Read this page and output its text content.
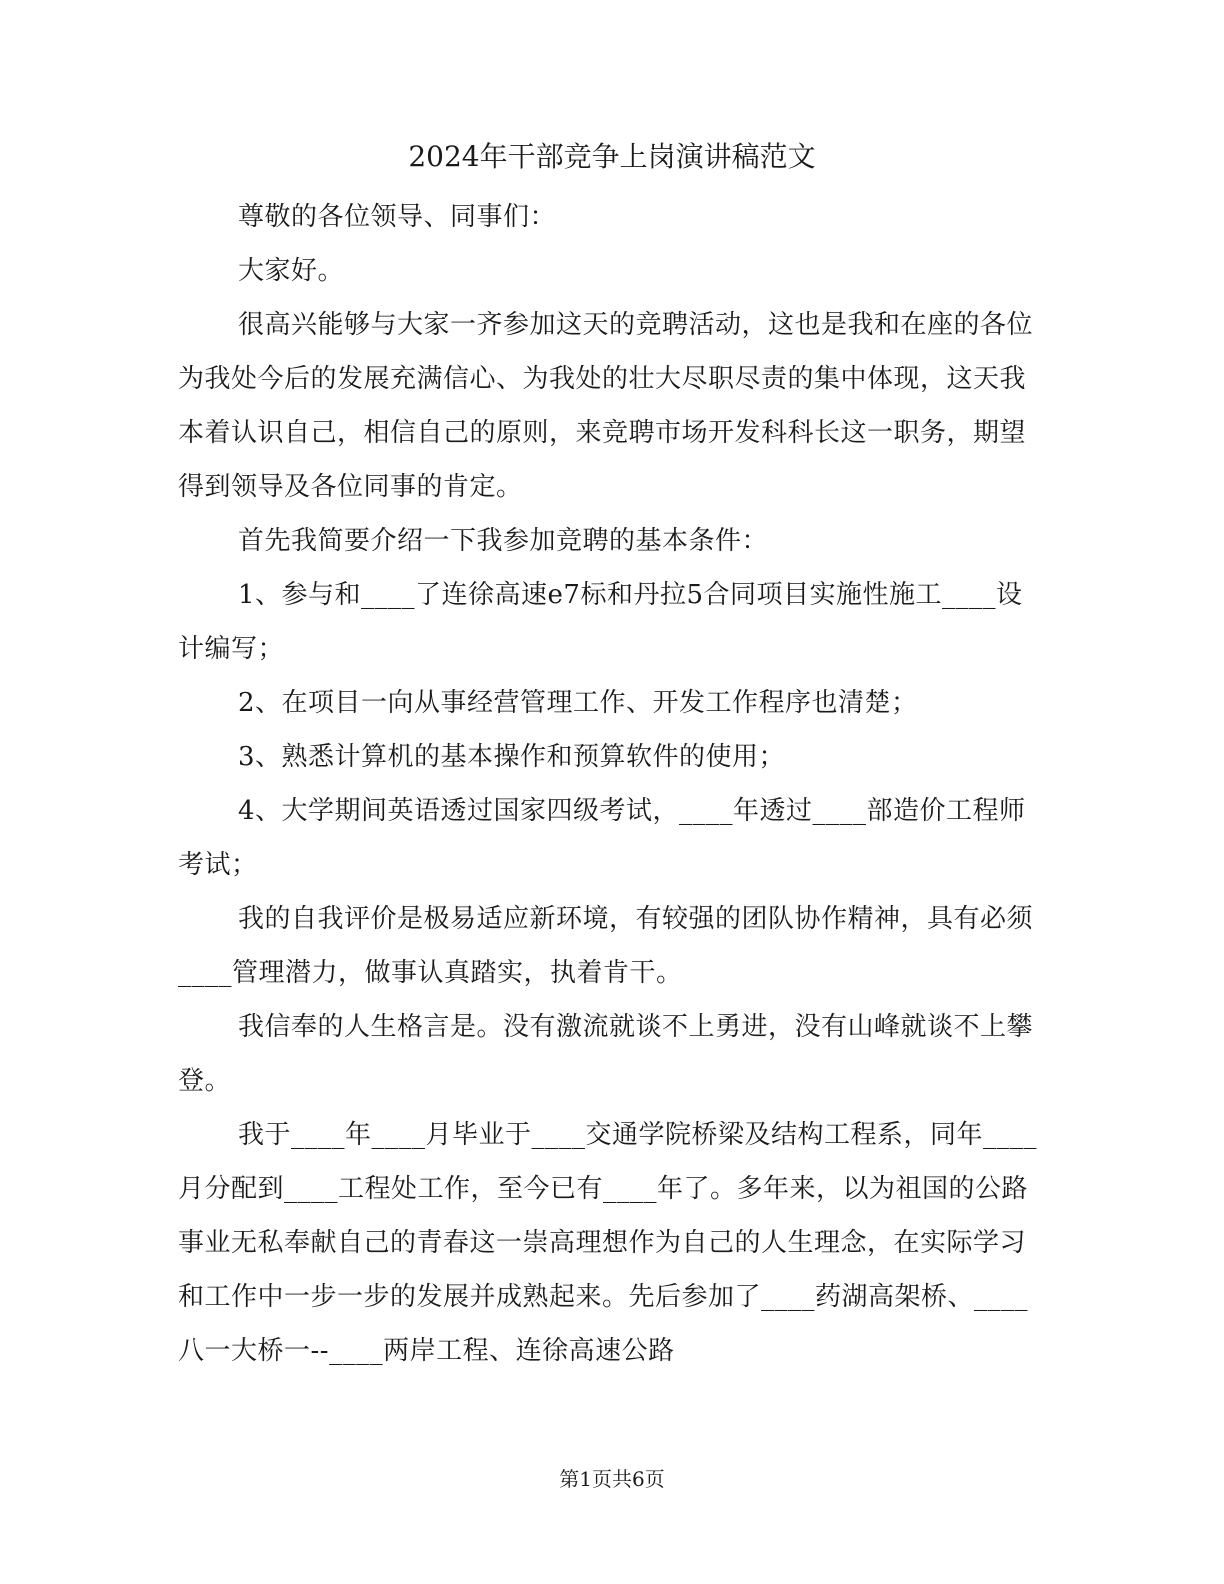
2024年干部竞争上岗演讲稿范文

尊敬的各位领导、同事们：

大家好。

很高兴能够与大家一齐参加这天的竞聘活动，这也是我和在座的各位为我处今后的发展充满信心、为我处的壮大尽职尽责的集中体现，这天我本着认识自己，相信自己的原则，来竞聘市场开发科科长这一职务，期望得到领导及各位同事的肯定。

首先我简要介绍一下我参加竞聘的基本条件：

1、参与和____了连徐高速e7标和丹拉5合同项目实施性施工____设计编写；

2、在项目一向从事经营管理工作、开发工作程序也清楚；

3、熟悉计算机的基本操作和预算软件的使用；

4、大学期间英语透过国家四级考试，____年透过____部造价工程师考试；

我的自我评价是极易适应新环境，有较强的团队协作精神，具有必须____管理潜力，做事认真踏实，执着肯干。

我信奉的人生格言是。没有激流就谈不上勇进，没有山峰就谈不上攀登。

我于____年____月毕业于____交通学院桥梁及结构工程系，同年____月分配到____工程处工作，至今已有____年了。多年来，以为祖国的公路事业无私奉献自己的青春这一崇高理想作为自己的人生理念，在实际学习和工作中一步一步的发展并成熟起来。先后参加了____药湖高架桥、____八一大桥一--____两岸工程、连徐高速公路

第1页共6页
